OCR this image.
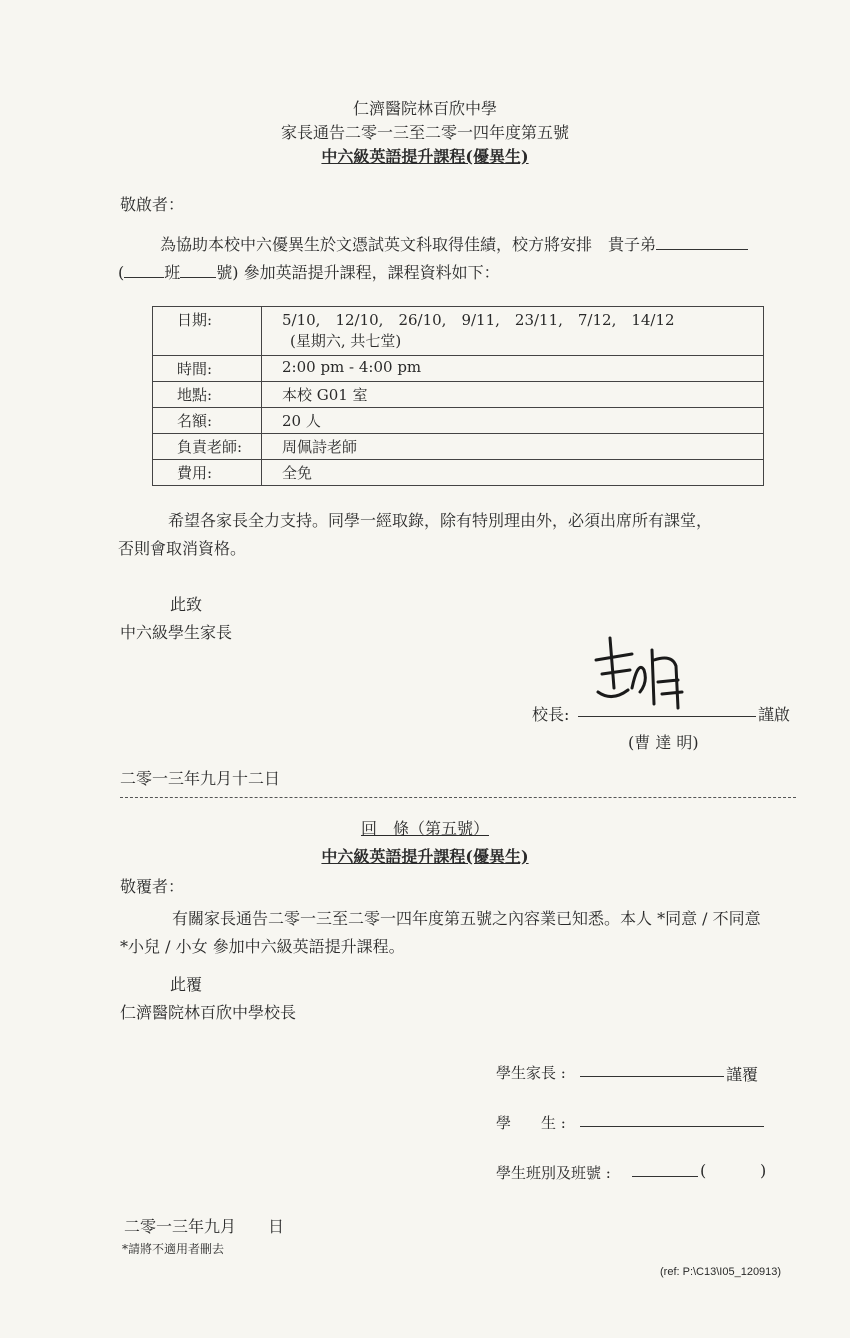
仁濟醫院林百欣中學
家長通告二零一三至二零一四年度第五號
中六級英語提升課程(優異生)
敬啟者：
為協助本校中六優異生於文憑試英文科取得佳績，校方將安排　貴子弟
(	班 號) 參加英語提升課程，課程資料如下：
日期:	5/10,　12/10,　26/10,　9/11,　23/11,　7/12,　14/12
(星期六, 共七堂)

時間:	2:00 pm - 4:00 pm
地點:	本校 G01 室
名額:	20 人
負責老師:	周佩詩老師
費用:	全免
希望各家長全力支持。同學一經取錄，除有特別理由外，必須出席所有課堂，
否則會取消資格。
此致
中六級學生家長
校長:	謹啟
(曹 達 明)
二零一三年九月十二日
回　條（第五號）
中六級英語提升課程(優異生)
敬覆者：
有關家長通告二零一三至二零一四年度第五號之內容業已知悉。本人 *同意 / 不同意
*小兒 / 小女 參加中六級英語提升課程。
此覆
仁濟醫院林百欣中學校長
學生家長 :	謹覆
學　　生 :
學生班別及班號 :	(	)
二零一三年九月　　日
*請將不適用者刪去
(ref: P:\C13\I05_120913)
